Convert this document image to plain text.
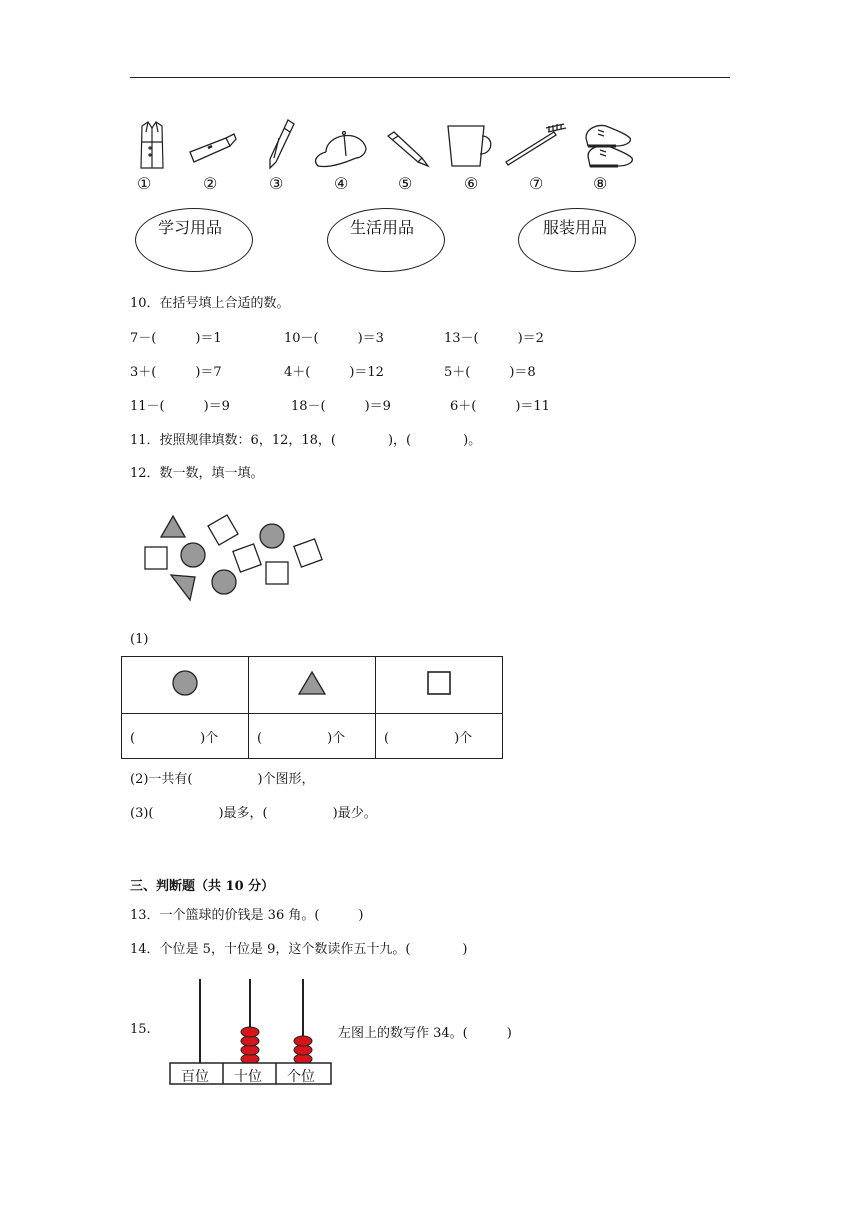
①	②	③	④	⑤	⑥	⑦	⑧
学习用品	生活用品	服装用品
10．在括号填上合适的数。
7－(　　　)＝1	10－(　　　)＝3	13－(　　　)＝2
3＋(　　　)＝7	4＋(　　　)＝12	5＋(　　　)＝8
11－(　　　)＝9	18－(　　　)＝9	6＋(　　　)＝11
11．按照规律填数：6，12，18，(　　　　)，(　　　　)。
12．数一数，填一填。
(1)

(　　　　　)个	(　　　　　)个	(　　　　　)个
(2)一共有(　　　　　)个图形，
(3)(　　　　　)最多，(　　　　　)最少。
三、判断题（共 10 分）
13．一个篮球的价钱是 36 角。(　　　)
14．个位是 5，十位是 9，这个数读作五十九。(　　　　)
15.
百位 十位 个位
左图上的数写作 34。(　　　)
